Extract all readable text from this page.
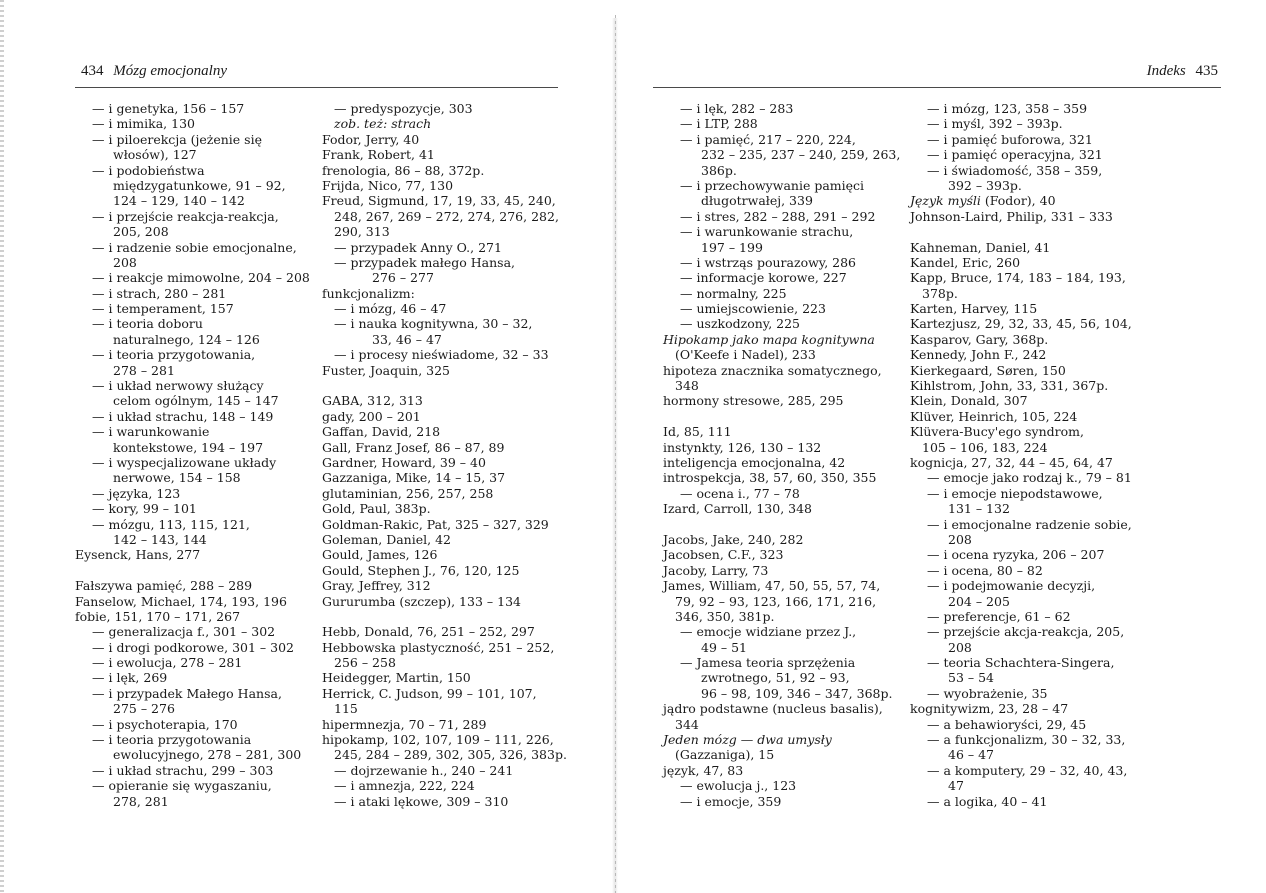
434 Mózg emocjonalny
— i genetyka, 156 – 157
— i mimika, 130
— i piloerekcja (jeżenie się
włosów), 127
— i podobieństwa
międzygatunkowe, 91 – 92,
124 – 129, 140 – 142
— i przejście reakcja-reakcja,
205, 208
— i radzenie sobie emocjonalne,
208
— i reakcje mimowolne, 204 – 208
— i strach, 280 – 281
— i temperament, 157
— i teoria doboru
naturalnego, 124 – 126
— i teoria przygotowania,
278 – 281
— i układ nerwowy służący
celom ogólnym, 145 – 147
— i układ strachu, 148 – 149
— i warunkowanie
kontekstowe, 194 – 197
— i wyspecjalizowane układy
nerwowe, 154 – 158
— języka, 123
— kory, 99 – 101
— mózgu, 113, 115, 121,
142 – 143, 144
Eysenck, Hans, 277
Fałszywa pamięć, 288 – 289
Fanselow, Michael, 174, 193, 196
fobie, 151, 170 – 171, 267
— generalizacja f., 301 – 302
— i drogi podkorowe, 301 – 302
— i ewolucja, 278 – 281
— i lęk, 269
— i przypadek Małego Hansa,
275 – 276
— i psychoterapia, 170
— i teoria przygotowania
ewolucyjnego, 278 – 281, 300
— i układ strachu, 299 – 303
— opieranie się wygaszaniu,
278, 281
— predyspozycje, 303
zob. też: strach
Fodor, Jerry, 40
Frank, Robert, 41
frenologia, 86 – 88, 372p.
Frijda, Nico, 77, 130
Freud, Sigmund, 17, 19, 33, 45, 240,
248, 267, 269 – 272, 274, 276, 282,
290, 313
— przypadek Anny O., 271
— przypadek małego Hansa,
276 – 277
funkcjonalizm:
— i mózg, 46 – 47
— i nauka kognitywna, 30 – 32,
33, 46 – 47
— i procesy nieświadome, 32 – 33
Fuster, Joaquin, 325
GABA, 312, 313
gady, 200 – 201
Gaffan, David, 218
Gall, Franz Josef, 86 – 87, 89
Gardner, Howard, 39 – 40
Gazzaniga, Mike, 14 – 15, 37
glutaminian, 256, 257, 258
Gold, Paul, 383p.
Goldman-Rakic, Pat, 325 – 327, 329
Goleman, Daniel, 42
Gould, James, 126
Gould, Stephen J., 76, 120, 125
Gray, Jeffrey, 312
Gururumba (szczep), 133 – 134
Hebb, Donald, 76, 251 – 252, 297
Hebbowska plastyczność, 251 – 252,
256 – 258
Heidegger, Martin, 150
Herrick, C. Judson, 99 – 101, 107,
115
hipermnezja, 70 – 71, 289
hipokamp, 102, 107, 109 – 111, 226,
245, 284 – 289, 302, 305, 326, 383p.
— dojrzewanie h., 240 – 241
— i amnezja, 222, 224
— i ataki lękowe, 309 – 310
Indeks 435
— i lęk, 282 – 283
— i LTP, 288
— i pamięć, 217 – 220, 224,
232 – 235, 237 – 240, 259, 263,
386p.
— i przechowywanie pamięci
długotrwałej, 339
— i stres, 282 – 288, 291 – 292
— i warunkowanie strachu,
197 – 199
— i wstrząs pourazowy, 286
— informacje korowe, 227
— normalny, 225
— umiejscowienie, 223
— uszkodzony, 225
Hipokamp jako mapa kognitywna
(O'Keefe i Nadel), 233
hipoteza znacznika somatycznego,
348
hormony stresowe, 285, 295
Id, 85, 111
instynkty, 126, 130 – 132
inteligencja emocjonalna, 42
introspekcja, 38, 57, 60, 350, 355
— ocena i., 77 – 78
Izard, Carroll, 130, 348
Jacobs, Jake, 240, 282
Jacobsen, C.F., 323
Jacoby, Larry, 73
James, William, 47, 50, 55, 57, 74,
79, 92 – 93, 123, 166, 171, 216,
346, 350, 381p.
— emocje widziane przez J.,
49 – 51
— Jamesa teoria sprzężenia
zwrotnego, 51, 92 – 93,
96 – 98, 109, 346 – 347, 368p.
jądro podstawne (nucleus basalis),
344
Jeden mózg — dwa umysły
(Gazzaniga), 15
język, 47, 83
— ewolucja j., 123
— i emocje, 359
— i mózg, 123, 358 – 359
— i myśl, 392 – 393p.
— i pamięć buforowa, 321
— i pamięć operacyjna, 321
— i świadomość, 358 – 359,
392 – 393p.
Język myśli (Fodor), 40
Johnson-Laird, Philip, 331 – 333
Kahneman, Daniel, 41
Kandel, Eric, 260
Kapp, Bruce, 174, 183 – 184, 193,
378p.
Karten, Harvey, 115
Kartezjusz, 29, 32, 33, 45, 56, 104,
Kasparov, Gary, 368p.
Kennedy, John F., 242
Kierkegaard, Søren, 150
Kihlstrom, John, 33, 331, 367p.
Klein, Donald, 307
Klüver, Heinrich, 105, 224
Klüvera-Bucy'ego syndrom,
105 – 106, 183, 224
kognicja, 27, 32, 44 – 45, 64, 47
— emocje jako rodzaj k., 79 – 81
— i emocje niepodstawowe,
131 – 132
— i emocjonalne radzenie sobie,
208
— i ocena ryzyka, 206 – 207
— i ocena, 80 – 82
— i podejmowanie decyzji,
204 – 205
— preferencje, 61 – 62
— przejście akcja-reakcja, 205,
208
— teoria Schachtera-Singera,
53 – 54
— wyobrażenie, 35
kognitywizm, 23, 28 – 47
— a behawioryści, 29, 45
— a funkcjonalizm, 30 – 32, 33,
46 – 47
— a komputery, 29 – 32, 40, 43,
47
— a logika, 40 – 41
